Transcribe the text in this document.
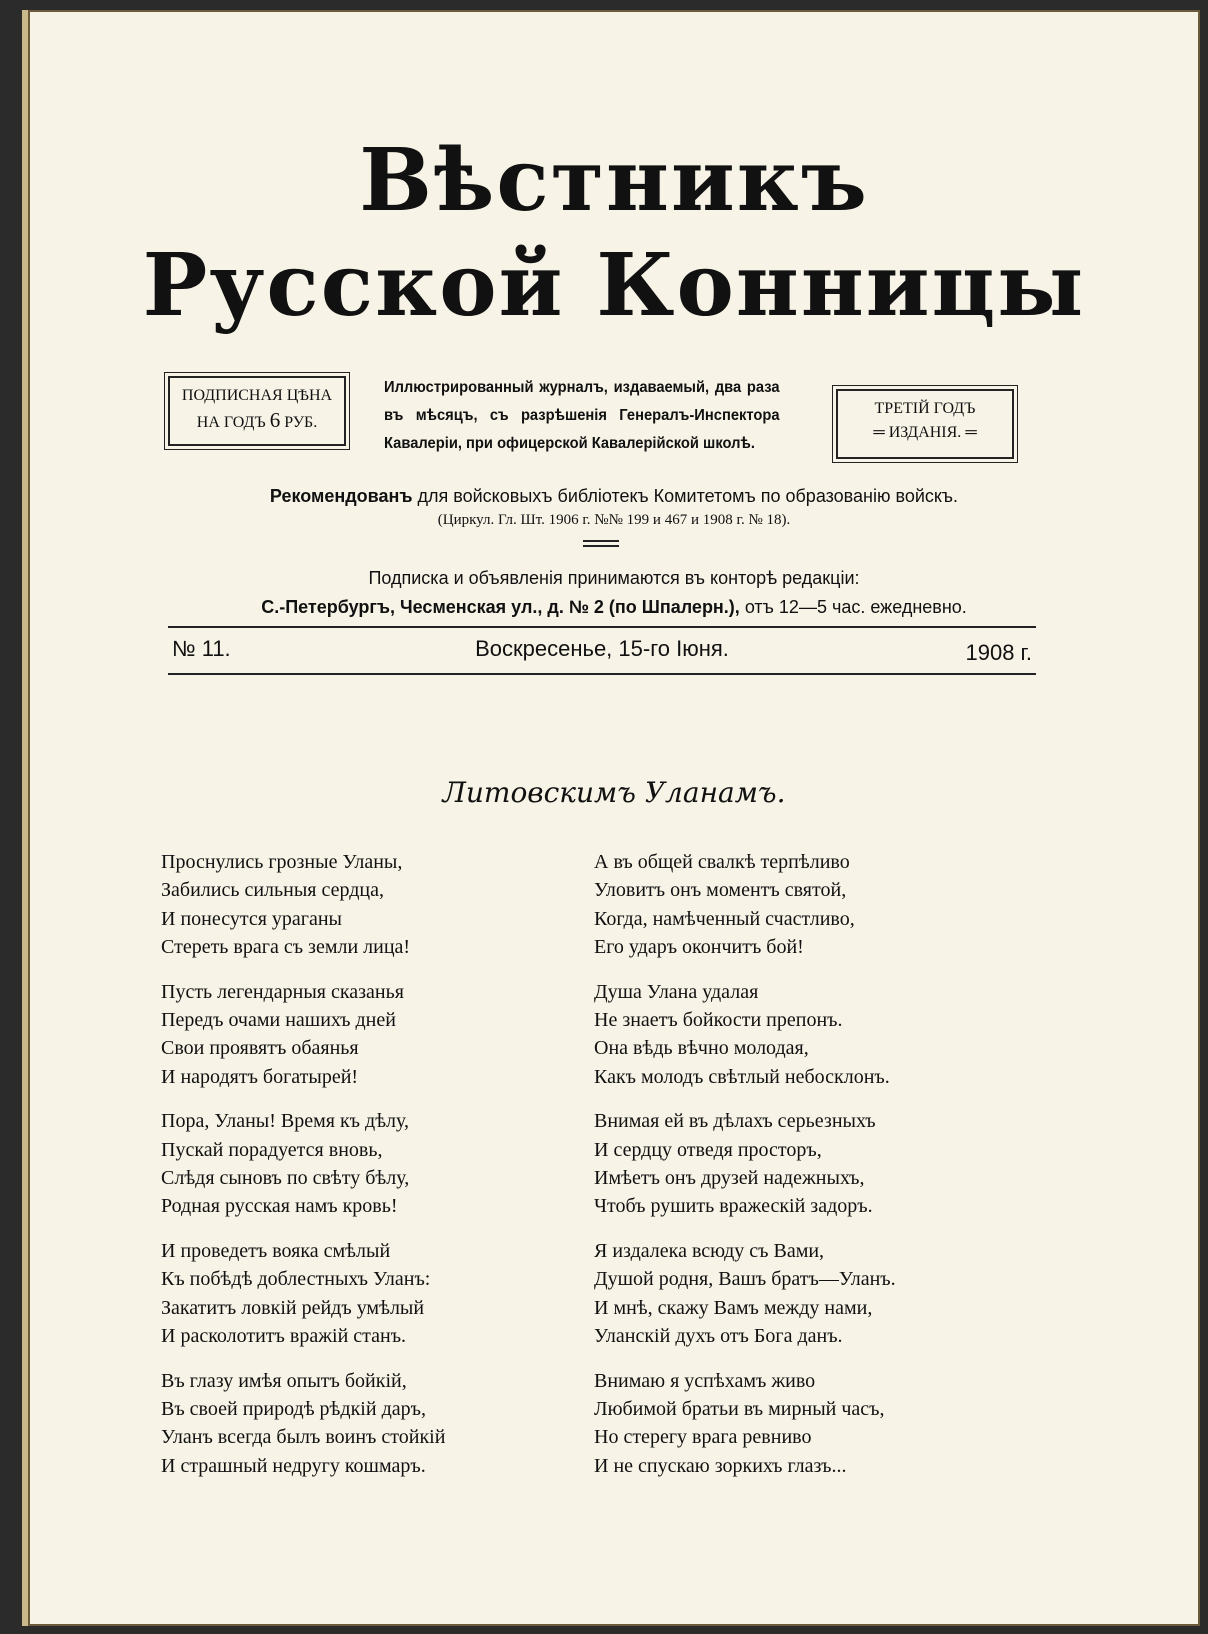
Вѣстникъ
Русской Конницы
ПОДПИСНАЯ ЦѢНА
НА ГОДЪ 6 РУБ.
Иллюстрированный журналъ, издаваемый, два раза въ мѣсяцъ, съ разрѣшенія Генералъ-Инспектора Кавалеріи, при офицерской Кавалерійской школѣ.
ТРЕТІЙ ГОДЪ
═ ИЗДАНІЯ. ═
Рекомендованъ для войсковыхъ библіотекъ Комитетомъ по образованію войскъ.
(Циркул. Гл. Шт. 1906 г. №№ 199 и 467 и 1908 г. № 18).
Подписка и объявленія принимаются въ конторѣ редакціи:
С.-Петербургъ, Чесменская ул., д. № 2 (по Шпалерн.), отъ 12—5 час. ежедневно.
№ 11.	Воскресенье, 15-го Іюня.	1908 г.
Литовскимъ Уланамъ.
Проснулись грозные Уланы,
Забились сильныя сердца,
И понесутся ураганы
Стереть врага съ земли лица!
Пусть легендарныя сказанья
Передъ очами нашихъ дней
Свои проявятъ обаянья
И народятъ богатырей!
Пора, Уланы! Время къ дѣлу,
Пускай порадуется вновь,
Слѣдя сыновъ по свѣту бѣлу,
Родная русская намъ кровь!
И проведетъ вояка смѣлый
Къ побѣдѣ доблестныхъ Уланъ:
Закатитъ ловкій рейдъ умѣлый
И расколотитъ вражій станъ.
Въ глазу имѣя опытъ бойкій,
Въ своей природѣ рѣдкій даръ,
Уланъ всегда былъ воинъ стойкій
И страшный недругу кошмаръ.
А въ общей свалкѣ терпѣливо
Уловитъ онъ моментъ святой,
Когда, намѣченный счастливо,
Его ударъ окончитъ бой!
Душа Улана удалая
Не знаетъ бойкости препонъ.
Она вѣдь вѣчно молодая,
Какъ молодъ свѣтлый небосклонъ.
Внимая ей въ дѣлахъ серьезныхъ
И сердцу отведя просторъ,
Имѣетъ онъ друзей надежныхъ,
Чтобъ рушить вражескій задоръ.
Я издалека всюду съ Вами,
Душой родня, Вашъ братъ—Уланъ.
И мнѣ, скажу Вамъ между нами,
Уланскій духъ отъ Бога данъ.
Внимаю я успѣхамъ живо
Любимой братьи въ мирный часъ,
Но стерегу врага ревниво
И не спускаю зоркихъ глазъ...
